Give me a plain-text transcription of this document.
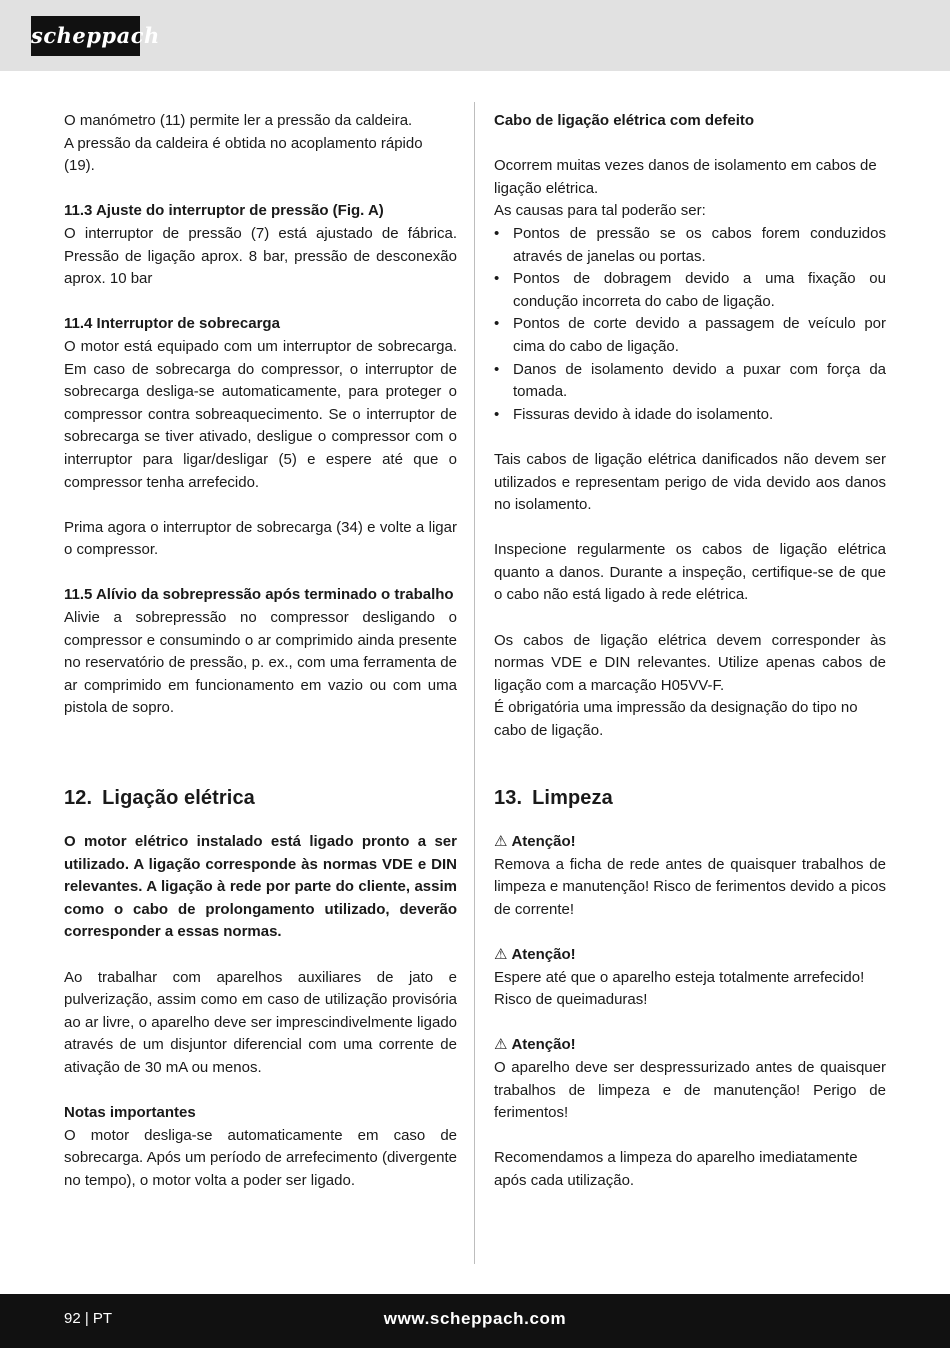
scheppach

O manómetro (11) permite ler a pressão da caldeira.

A pressão da caldeira é obtida no acoplamento rápido (19).

11.3 Ajuste do interruptor de pressão (Fig. A)

O interruptor de pressão (7) está ajustado de fábrica. Pressão de ligação aprox. 8 bar, pressão de desconexão aprox. 10 bar

11.4 Interruptor de sobrecarga

O motor está equipado com um interruptor de sobrecarga. Em caso de sobrecarga do compressor, o interruptor de sobrecarga desliga-se automaticamente, para proteger o compressor contra sobreaquecimento. Se o interruptor de sobrecarga se tiver ativado, desligue o compressor com o interruptor para ligar/desligar (5) e espere até que o compressor tenha arrefecido.

Prima agora o interruptor de sobrecarga (34) e volte a ligar o compressor.

11.5 Alívio da sobrepressão após terminado o trabalho

Alivie a sobrepressão no compressor desligando o compressor e consumindo o ar comprimido ainda presente no reservatório de pressão, p. ex., com uma ferramenta de ar comprimido em funcionamento em vazio ou com uma pistola de sopro.

Cabo de ligação elétrica com defeito

Ocorrem muitas vezes danos de isolamento em cabos de ligação elétrica.

As causas para tal poderão ser:

• Pontos de pressão se os cabos forem conduzidos através de janelas ou portas.
• Pontos de dobragem devido a uma fixação ou condução incorreta do cabo de ligação.
• Pontos de corte devido a passagem de veículo por cima do cabo de ligação.
• Danos de isolamento devido a puxar com força da tomada.
• Fissuras devido à idade do isolamento.

Tais cabos de ligação elétrica danificados não devem ser utilizados e representam perigo de vida devido aos danos no isolamento.

Inspecione regularmente os cabos de ligação elétrica quanto a danos. Durante a inspeção, certifique-se de que o cabo não está ligado à rede elétrica.

Os cabos de ligação elétrica devem corresponder às normas VDE e DIN relevantes. Utilize apenas cabos de ligação com a marcação H05VV-F.

É obrigatória uma impressão da designação do tipo no cabo de ligação.

12. Ligação elétrica

O motor elétrico instalado está ligado pronto a ser utilizado. A ligação corresponde às normas VDE e DIN relevantes. A ligação à rede por parte do cliente, assim como o cabo de prolongamento utilizado, deverão corresponder a essas normas.

Ao trabalhar com aparelhos auxiliares de jato e pulverização, assim como em caso de utilização provisória ao ar livre, o aparelho deve ser imprescindivelmente ligado através de um disjuntor diferencial com uma corrente de ativação de 30 mA ou menos.

Notas importantes

O motor desliga-se automaticamente em caso de sobrecarga. Após um período de arrefecimento (divergente no tempo), o motor volta a poder ser ligado.

13. Limpeza

⚠ Atenção!

Remova a ficha de rede antes de quaisquer trabalhos de limpeza e manutenção! Risco de ferimentos devido a picos de corrente!

⚠ Atenção!

Espere até que o aparelho esteja totalmente arrefecido! Risco de queimaduras!

⚠ Atenção!

O aparelho deve ser despressurizado antes de quaisquer trabalhos de limpeza e de manutenção! Perigo de ferimentos!

Recomendamos a limpeza do aparelho imediatamente após cada utilização.

92 | PT	www.scheppach.com
